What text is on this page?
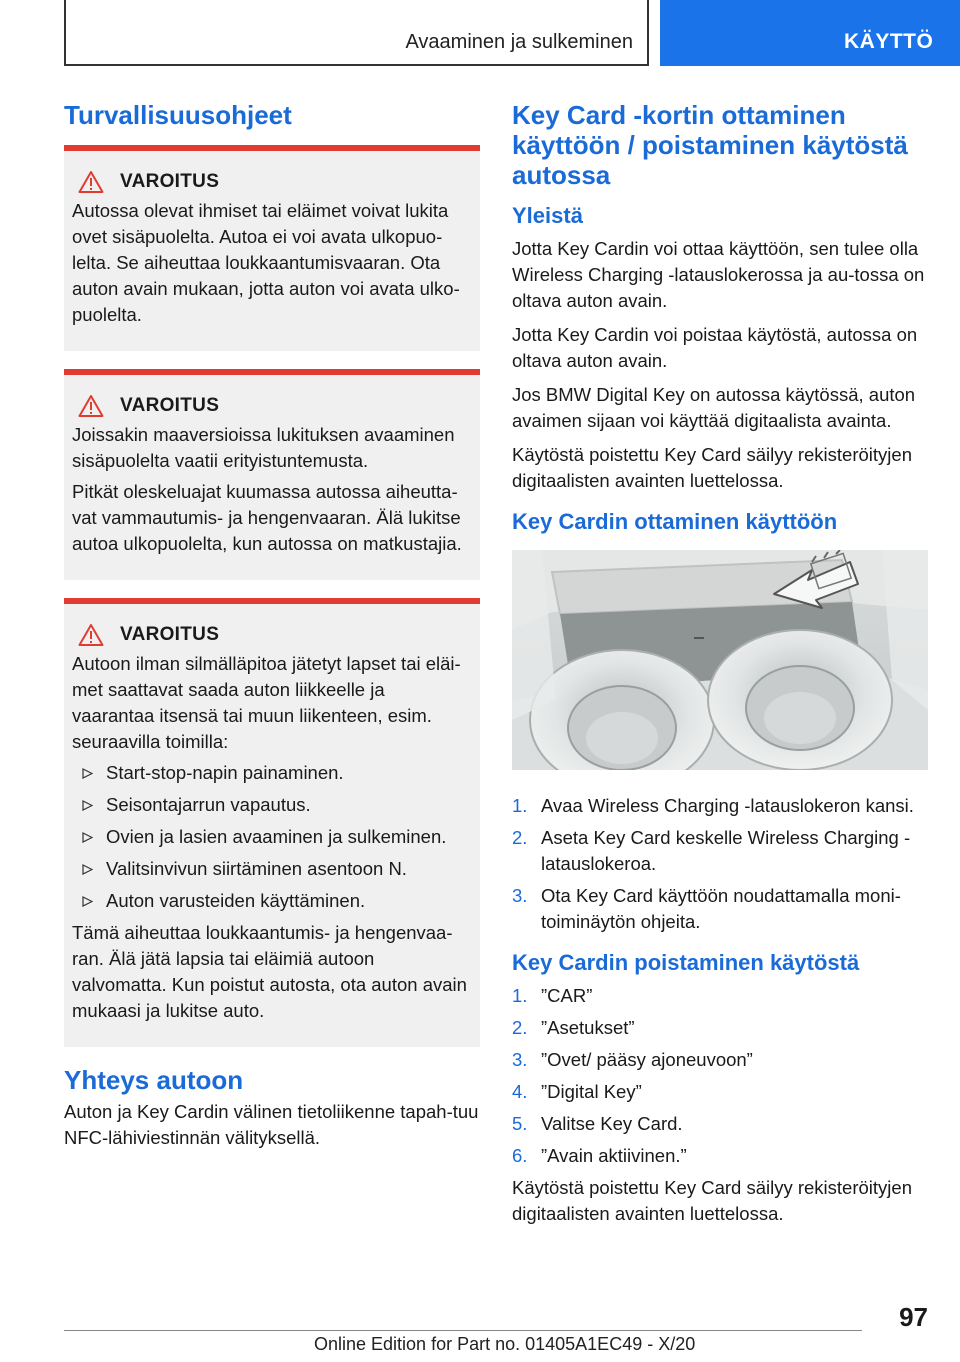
Avaaminen ja sulkeminen	KÄYTTÖ
Turvallisuusohjeet
VAROITUS

Autossa olevat ihmiset tai eläimet voivat lukita ovet sisäpuolelta. Autoa ei voi avata ulkopuo-lelta. Se aiheuttaa loukkaantumisvaaran. Ota auton avain mukaan, jotta auton voi avata ulko-puolelta.

VAROITUS

Joissakin maaversioissa lukituksen avaaminen sisäpuolelta vaatii erityistuntemusta.

Pitkät oleskeluajat kuumassa autossa aiheutta-vat vammautumis- ja hengenvaaran. Älä lukitse autoa ulkopuolelta, kun autossa on matkustajia.

VAROITUS

Autoon ilman silmälläpitoa jätetyt lapset tai eläi-met saattavat saada auton liikkeelle ja vaarantaa itsensä tai muun liikenteen, esim. seuraavilla toimilla:

Start-stop-napin painaminen.
Seisontajarrun vapautus.
Ovien ja lasien avaaminen ja sulkeminen.
Valitsinvivun siirtäminen asentoon N.
Auton varusteiden käyttäminen.

Tämä aiheuttaa loukkaantumis- ja hengenvaa-ran. Älä jätä lapsia tai eläimiä autoon valvomatta. Kun poistut autosta, ota auton avain mukaasi ja lukitse auto.

Yhteys autoon

Auton ja Key Cardin välinen tietoliikenne tapah-tuu NFC-lähiviestinnän välityksellä.

Key Card -kortin ottaminen käyttöön / poistaminen käytöstä autossa
Yleistä

Jotta Key Cardin voi ottaa käyttöön, sen tulee olla Wireless Charging -latauslokerossa ja au-tossa on oltava auton avain.

Jotta Key Cardin voi poistaa käytöstä, autossa on oltava auton avain.

Jos BMW Digital Key on autossa käytössä, auton avaimen sijaan voi käyttää digitaalista avainta.

Käytöstä poistettu Key Card säilyy rekisteröityjen digitaalisten avainten luettelossa.

Key Cardin ottaminen käyttöön
1. Avaa Wireless Charging -latauslokeron kansi.
2. Aseta Key Card keskelle Wireless Charging -latauslokeroa.
3. Ota Key Card käyttöön noudattamalla moni-toiminäytön ohjeita.
Key Cardin poistaminen käytöstä
1. ”CAR”
2. ”Asetukset”
3. ”Ovet/ pääsy ajoneuvoon”
4. ”Digital Key”
5. Valitse Key Card.
6. ”Avain aktiivinen.”

Käytöstä poistettu Key Card säilyy rekisteröityjen digitaalisten avainten luettelossa.

97
Online Edition for Part no. 01405A1EC49 - X/20
